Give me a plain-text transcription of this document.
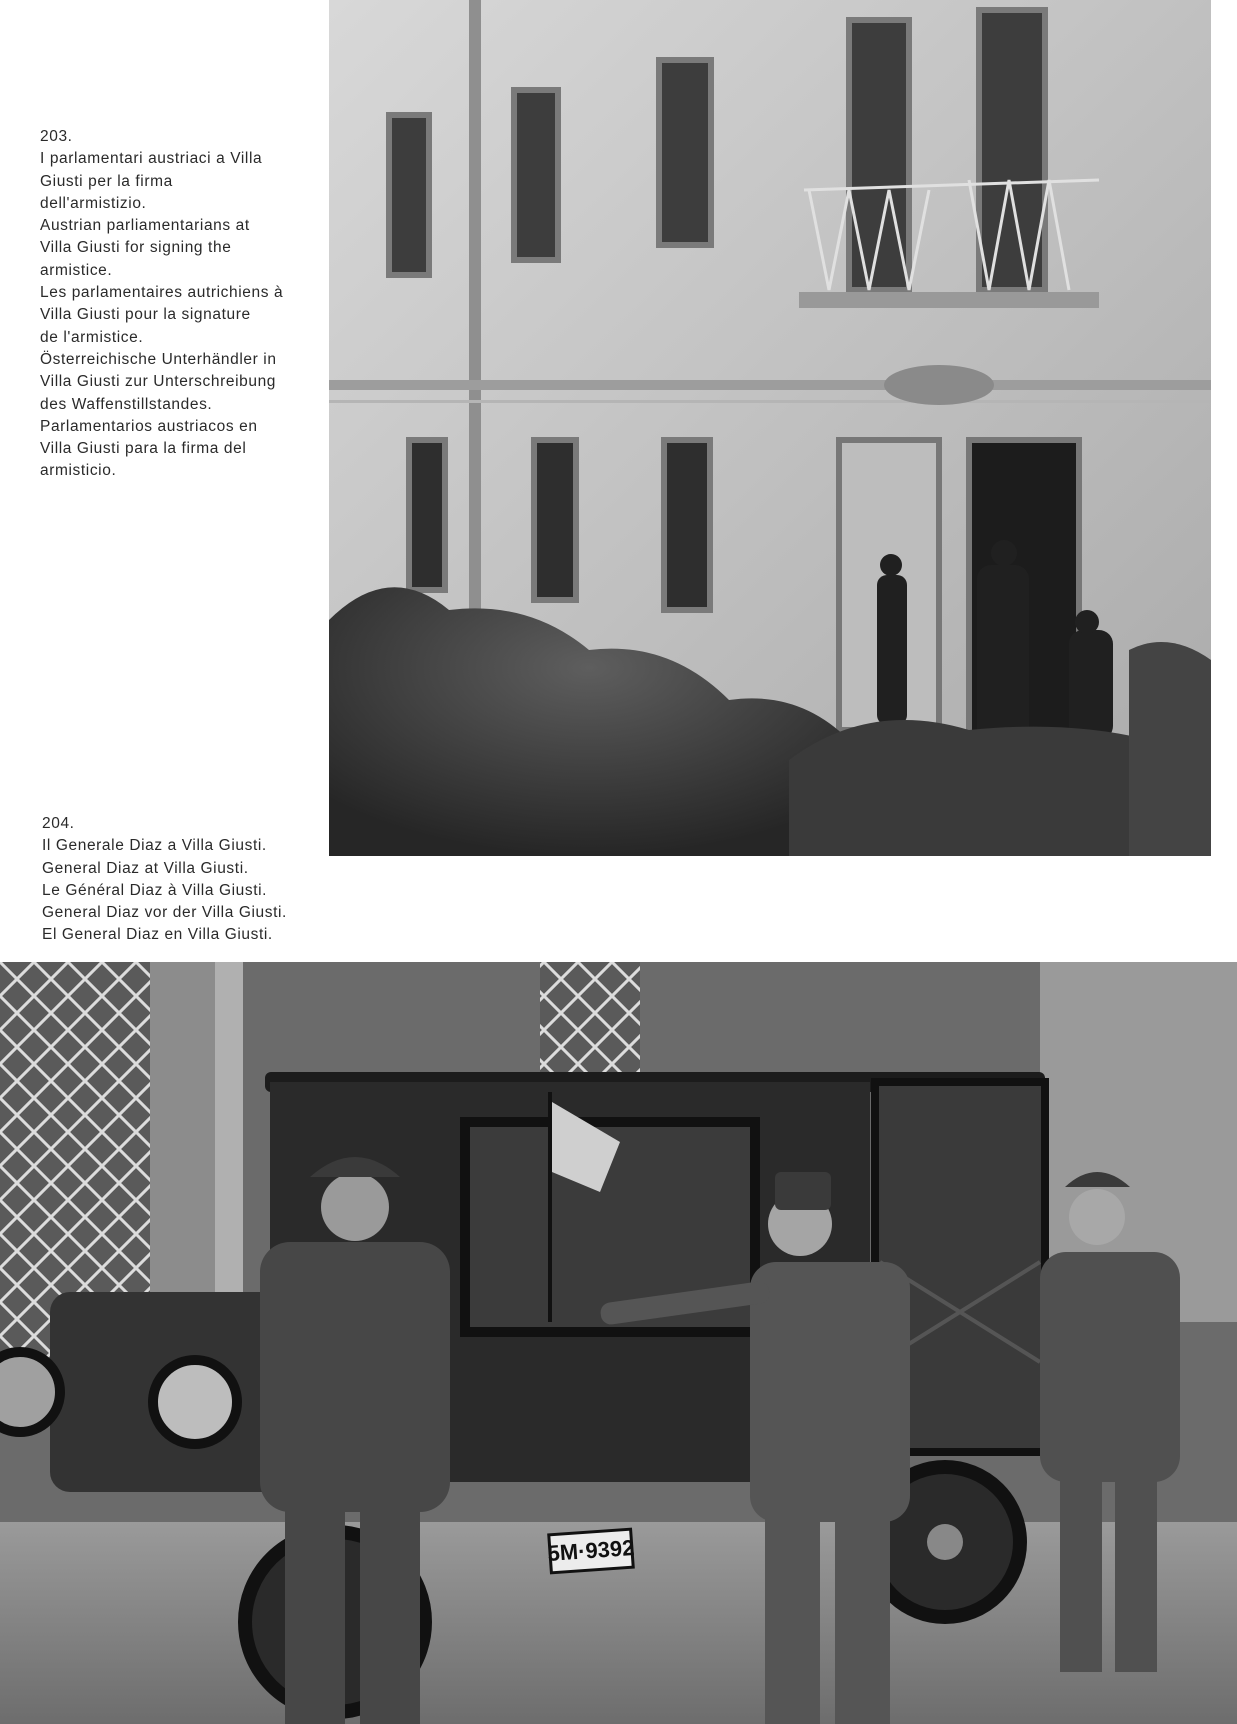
203.

I parlamentari austriaci a Villa

Giusti per la firma

dell'armistizio.

Austrian parliamentarians at

Villa Giusti for signing the

armistice.

Les parlamentaires autrichiens à

Villa Giusti pour la signature

de l'armistice.

Österreichische Unterhändler in

Villa Giusti zur Unterschreibung

des Waffenstillstandes.

Parlamentarios austriacos en

Villa Giusti para la firma del

armisticio.

204.

Il Generale Diaz a Villa Giusti.

General Diaz at Villa Giusti.

Le Général Diaz à Villa Giusti.

General Diaz vor der Villa Giusti.

El General Diaz en Villa Giusti.

5M·9392
